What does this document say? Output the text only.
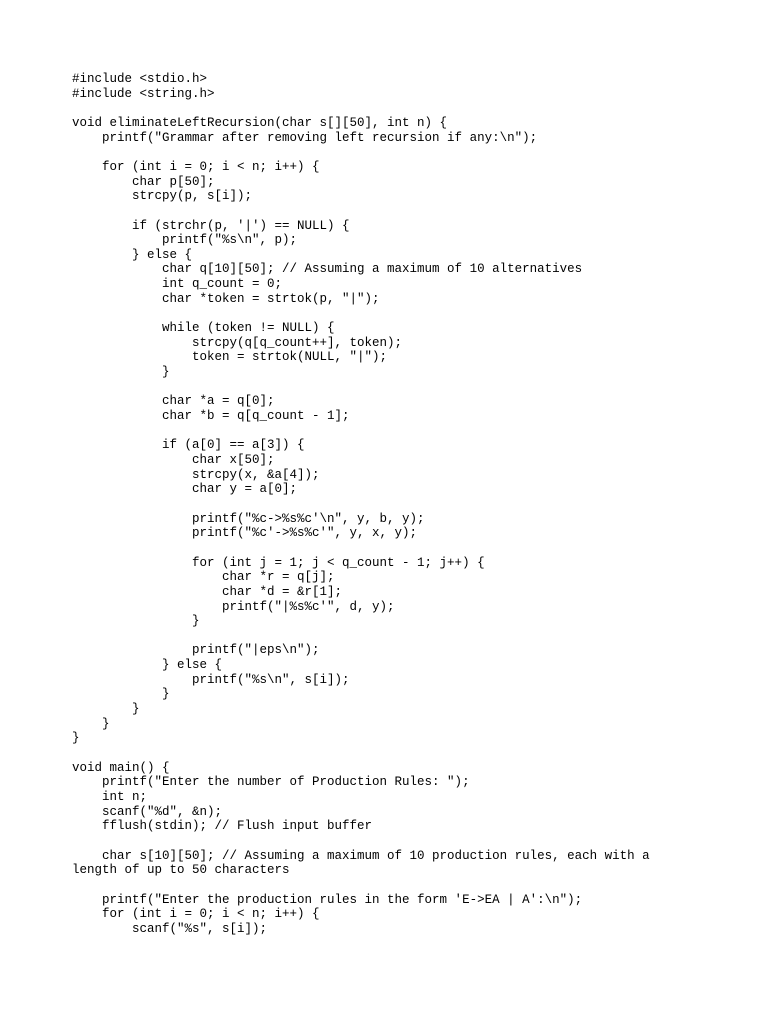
#include <stdio.h>
#include <string.h>
void eliminateLeftRecursion(char s[][50], int n) {
printf("Grammar after removing left recursion if any:\n");
for (int i = 0; i < n; i++) {
char p[50];
strcpy(p, s[i]);
if (strchr(p, '|') == NULL) {
printf("%s\n", p);
} else {
char q[10][50]; // Assuming a maximum of 10 alternatives
int q_count = 0;
char *token = strtok(p, "|");
while (token != NULL) {
strcpy(q[q_count++], token);
token = strtok(NULL, "|");
}
char *a = q[0];
char *b = q[q_count - 1];
if (a[0] == a[3]) {
char x[50];
strcpy(x, &a[4]);
char y = a[0];
printf("%c->%s%c'\n", y, b, y);
printf("%c'->%s%c'", y, x, y);
for (int j = 1; j < q_count - 1; j++) {
char *r = q[j];
char *d = &r[1];
printf("|%s%c'", d, y);
}
printf("|eps\n");
} else {
printf("%s\n", s[i]);
}
}
}
}
void main() {
printf("Enter the number of Production Rules: ");
int n;
scanf("%d", &n);
fflush(stdin); // Flush input buffer
char s[10][50]; // Assuming a maximum of 10 production rules, each with a
length of up to 50 characters
printf("Enter the production rules in the form 'E->EA | A':\n");
for (int i = 0; i < n; i++) {
scanf("%s", s[i]);
